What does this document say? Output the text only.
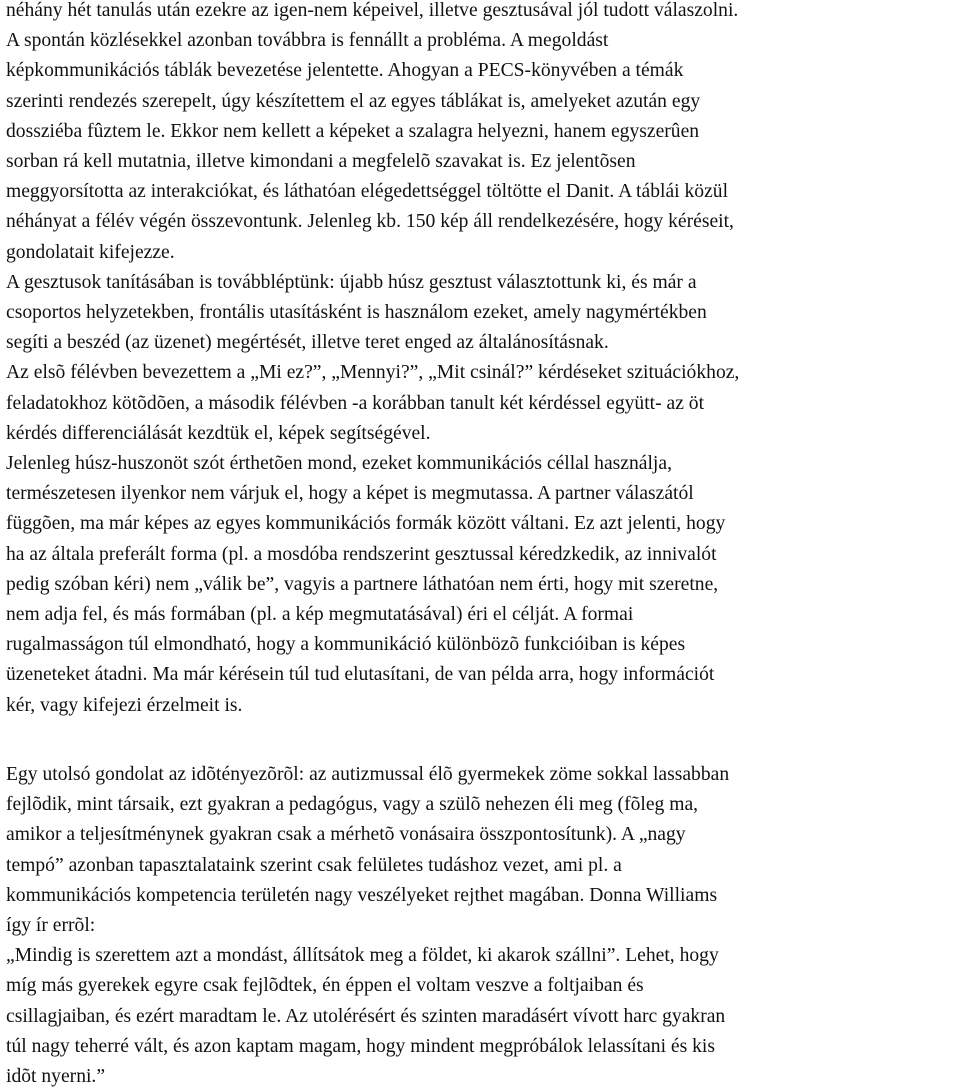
néhány hét tanulás után ezekre az igen-nem képeivel, illetve gesztusával jól tudott válaszolni.
A spontán közlésekkel azonban továbbra is fennállt a probléma. A megoldást
képkommunikációs táblák bevezetése jelentette. Ahogyan a PECS-könyvében a témák
szerinti rendezés szerepelt, úgy készítettem el az egyes táblákat is, amelyeket azután egy
dossziéba fûztem le. Ekkor nem kellett a képeket a szalagra helyezni, hanem egyszerûen
sorban rá kell mutatnia, illetve kimondani a megfelelõ szavakat is. Ez jelentõsen
meggyorsította az interakciókat, és láthatóan elégedettséggel töltötte el Danit. A táblái közül
néhányat a félév végén összevontunk. Jelenleg kb. 150 kép áll rendelkezésére, hogy kéréseit,
gondolatait kifejezze.

A gesztusok tanításában is továbbléptünk: újabb húsz gesztust választottunk ki, és már a
csoportos helyzetekben, frontális utasításként is használom ezeket, amely nagymértékben
segíti a beszéd (az üzenet) megértését, illetve teret enged az általánosításnak.

Az elsõ félévben bevezettem a „Mi ez?”, „Mennyi?”, „Mit csinál?” kérdéseket szituációkhoz,
feladatokhoz kötõdõen, a második félévben -a korábban tanult két kérdéssel együtt- az öt
kérdés differenciálását kezdtük el, képek segítségével.

Jelenleg húsz-huszonöt szót érthetõen mond, ezeket kommunikációs céllal használja,
természetesen ilyenkor nem várjuk el, hogy a képet is megmutassa. A partner válaszától
függõen, ma már képes az egyes kommunikációs formák között váltani. Ez azt jelenti, hogy
ha az általa preferált forma (pl. a mosdóba rendszerint gesztussal kéredzkedik, az innivalót
pedig szóban kéri) nem „válik be”, vagyis a partnere láthatóan nem érti, hogy mit szeretne,
nem adja fel, és más formában (pl. a kép megmutatásával) éri el célját. A formai
rugalmasságon túl elmondható, hogy a kommunikáció különbözõ funkcióiban is képes
üzeneteket átadni. Ma már kérésein túl tud elutasítani, de van példa arra, hogy információt
kér, vagy kifejezi érzelmeit is.

Egy utolsó gondolat az idõtényezõrõl: az autizmussal élõ gyermekek zöme sokkal lassabban
fejlõdik, mint társaik, ezt gyakran a pedagógus, vagy a szülõ nehezen éli meg (fõleg ma,
amikor a teljesítménynek gyakran csak a mérhetõ vonásaira összpontosítunk). A „nagy
tempó” azonban tapasztalataink szerint csak felületes tudáshoz vezet, ami pl. a
kommunikációs kompetencia területén nagy veszélyeket rejthet magában. Donna Williams
így ír errõl:

„Mindig is szerettem azt a mondást, állítsátok meg a földet, ki akarok szállni”. Lehet, hogy
míg más gyerekek egyre csak fejlõdtek, én éppen el voltam veszve a foltjaiban és
csillagjaiban, és ezért maradtam le. Az utolérésért és szinten maradásért vívott harc gyakran
túl nagy teherré vált, és azon kaptam magam, hogy mindent megpróbálok lelassítani és kis
idõt nyerni.”
